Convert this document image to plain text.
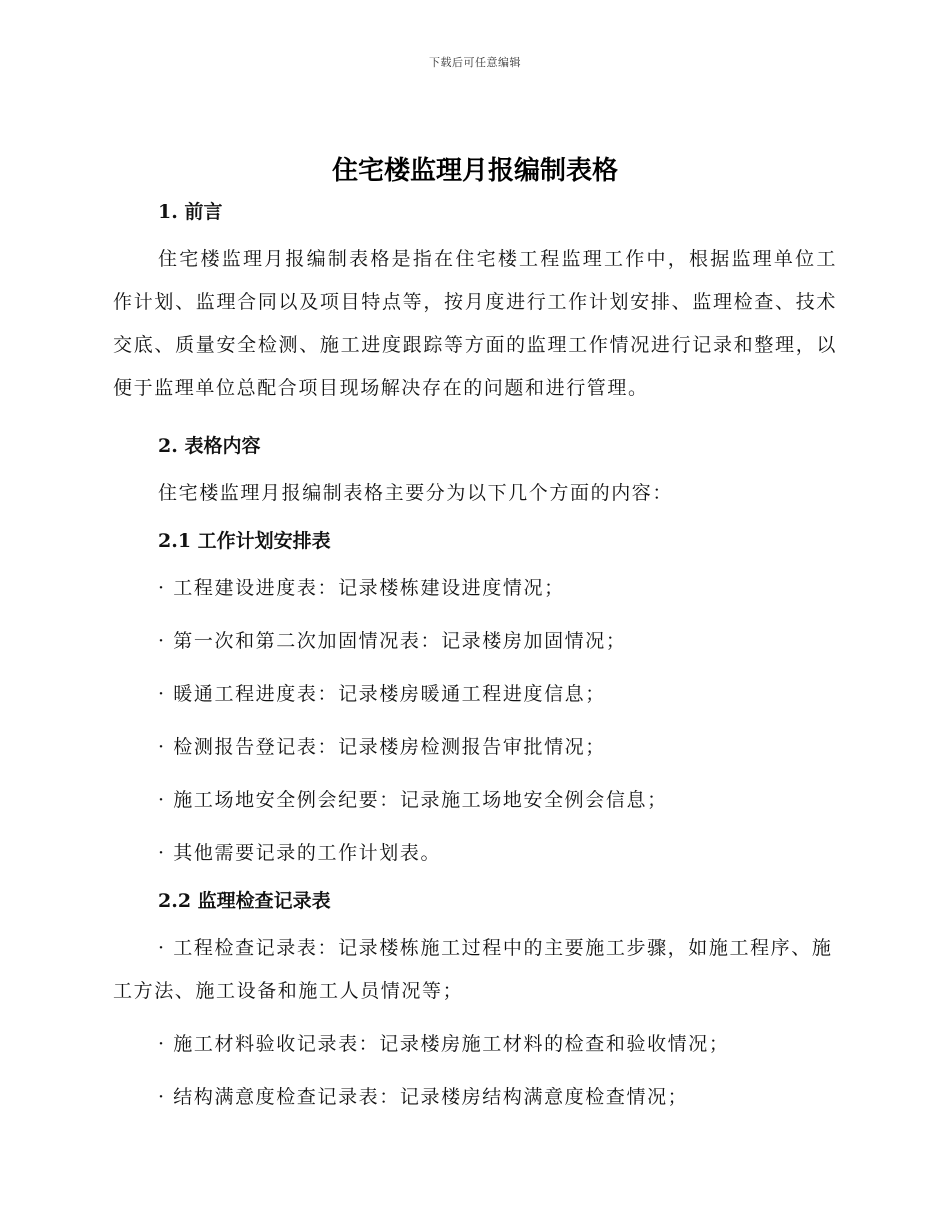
下载后可任意编辑
住宅楼监理月报编制表格

1. 前言

住宅楼监理月报编制表格是指在住宅楼工程监理工作中，根据监理单位工作计划、监理合同以及项目特点等，按月度进行工作计划安排、监理检查、技术交底、质量安全检测、施工进度跟踪等方面的监理工作情况进行记录和整理，以便于监理单位总配合项目现场解决存在的问题和进行管理。

2. 表格内容

住宅楼监理月报编制表格主要分为以下几个方面的内容：

2.1 工作计划安排表

· 工程建设进度表：记录楼栋建设进度情况；

· 第一次和第二次加固情况表：记录楼房加固情况；

· 暖通工程进度表：记录楼房暖通工程进度信息；

· 检测报告登记表：记录楼房检测报告审批情况；

· 施工场地安全例会纪要：记录施工场地安全例会信息；

· 其他需要记录的工作计划表。

2.2 监理检查记录表

· 工程检查记录表：记录楼栋施工过程中的主要施工步骤，如施工程序、施工方法、施工设备和施工人员情况等；

· 施工材料验收记录表：记录楼房施工材料的检查和验收情况；

· 结构满意度检查记录表：记录楼房结构满意度检查情况；
